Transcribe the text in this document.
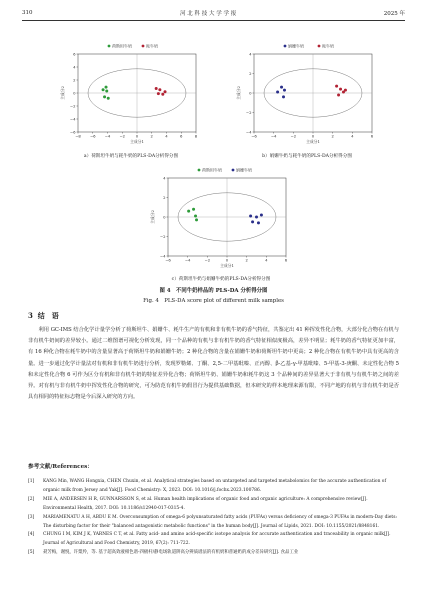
310	河 北 科 技 大 学 学 报	2025 年
荷斯坦牛奶	耗牛奶
−8 −6 −4 −2	0	2	4	6	8
−6
−4
−2
0
2
4
6
主成分1
主成分2
a）荷斯坦牛奶与耗牛奶的PLS-DA分析得分图
娟姗牛奶	耗牛奶
−6	−4	−2	0	2	4	6
−4
−2
0
2
4
主成分1
主成分2
b）娟姗牛奶与耗牛奶的PLS-DA分析得分图
荷斯坦牛奶	娟姗牛奶
−6	−4	−2	0	2	4	6
−4
−2
0
2
4
主成分1
主成分2
c）荷斯坦牛奶与娟姗牛奶的PLS-DA分析得分图
图 4　不同牛奶样品的 PLS-DA 分析得分图
Fig. 4　PLS-DA score plot of different milk samples
3 结　语
利用 GC-IMS 结合化学计量学分析了荷斯坦牛、娟姗牛、耗牛生产的有机和非有机牛奶的香气特征，共鉴定出 41 种挥发性化合物，大部分化合物在有机与非有机牛奶间的差异较小。通过二维图谱可视化分析发现，同一个品种的有机与非有机牛奶的香气特征相似度极高，差异不明显；耗牛奶的香气特征更加丰富，有 16 种化合物在耗牛奶中的含量显著高于荷斯坦牛奶和娟姗牛奶；2 种化合物的含量在娟姗牛奶和荷斯坦牛奶中更高；2 种化合物在有机牛奶中具有更高的含量。进一步通过化学计量法对有机和非有机牛奶进行分析，发现罗勒烯、丁酮、2,5-二甲基吡嗪、正丙醇、β-乙基-γ-甲基吡嗪、5-甲基-3-庚酮、未定性化合物 5 和未定性化合物 6 可作为区分有机和非有机牛奶的特征差异化合物；荷斯坦牛奶、娟姗牛奶和耗牛奶这 3 个品种间的差异显著大于非有机与有机牛奶之间的差异。对有机与非有机牛奶中挥发性化合物的研究，可为防范有机牛奶假冒行为提供基础数据，但本研究的样本地理来源有限，不同产地的有机与非有机牛奶是否具有相同的特征标志物是今后深入研究的方向。
参考文献/References：
[1]	KANG Min, WANG Hongxia, CHEN Chuxin, et al. Analytical strategies based on untargeted and targeted metabolomics for the accurate authentication of organic milk from Jersey and Yak[J]. Food Chemistry: X, 2023. DOI: 10.1016/j.fochx.2023.100786.
[2]	MIE A, ANDERSEN H R, GUNNARSSON S, et al. Human health implications of organic food and organic agriculture: A comprehensive review[J]. Environmental Health, 2017. DOI: 10.1186/s12940-017-0315-4.
[3]	MARIAMENATU A H, ABDU E M. Overconsumption of omega-6 polyunsaturated fatty acids (PUFAs) versus deficiency of omega-3 PUFAs in modern-Day diets: The disturbing factor for their "balanced antagonistic metabolic functions" in the human body[J]. Journal of Lipids, 2021. DOI: 10.1155/2021/8848161.
[4]	CHUNG I M, KIM J K, YARNES C T, et al. Fatty acid- and amino acid-specific isotope analysis for accurate authentication and traceability in organic milk[J]. Journal of Agricultural and Food Chemistry, 2019, 67(2): 711-722.
[5]	聂芳梅，谢悦，许粟羚，等. 基于超高效液相色谱-四极杆/静电场轨道阱高分辨质谱法的有机奶和普通奶的成分差异研究[J]. 食品工业
